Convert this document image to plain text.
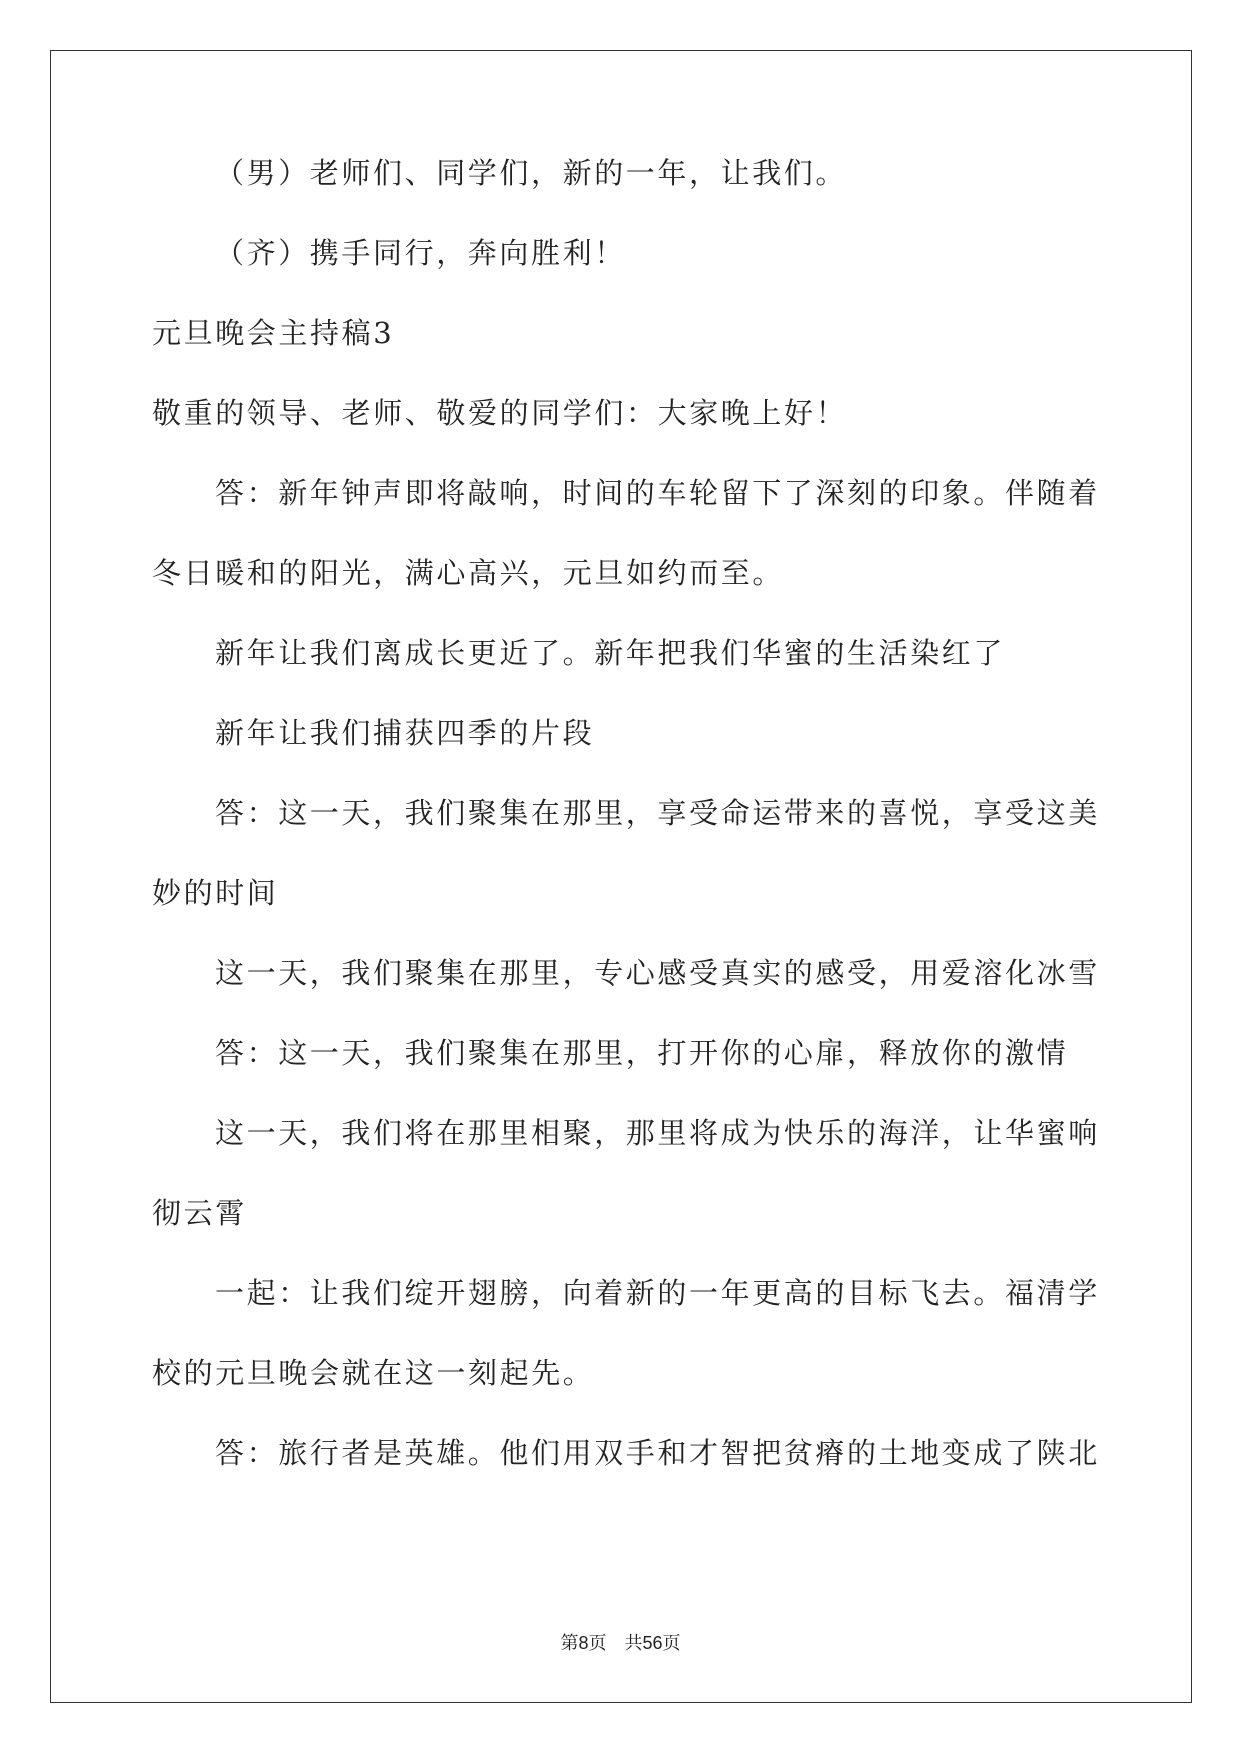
（男）老师们、同学们，新的一年，让我们。
（齐）携手同行，奔向胜利！
元旦晚会主持稿3
敬重的领导、老师、敬爱的同学们：大家晚上好！
答：新年钟声即将敲响，时间的车轮留下了深刻的印象。伴随着
冬日暖和的阳光，满心高兴，元旦如约而至。
新年让我们离成长更近了。新年把我们华蜜的生活染红了
新年让我们捕获四季的片段
答：这一天，我们聚集在那里，享受命运带来的喜悦，享受这美
妙的时间
这一天，我们聚集在那里，专心感受真实的感受，用爱溶化冰雪
答：这一天，我们聚集在那里，打开你的心扉，释放你的激情
这一天，我们将在那里相聚，那里将成为快乐的海洋，让华蜜响
彻云霄
一起：让我们绽开翅膀，向着新的一年更高的目标飞去。福清学
校的元旦晚会就在这一刻起先。
答：旅行者是英雄。他们用双手和才智把贫瘠的土地变成了陕北
第8页 共56页
